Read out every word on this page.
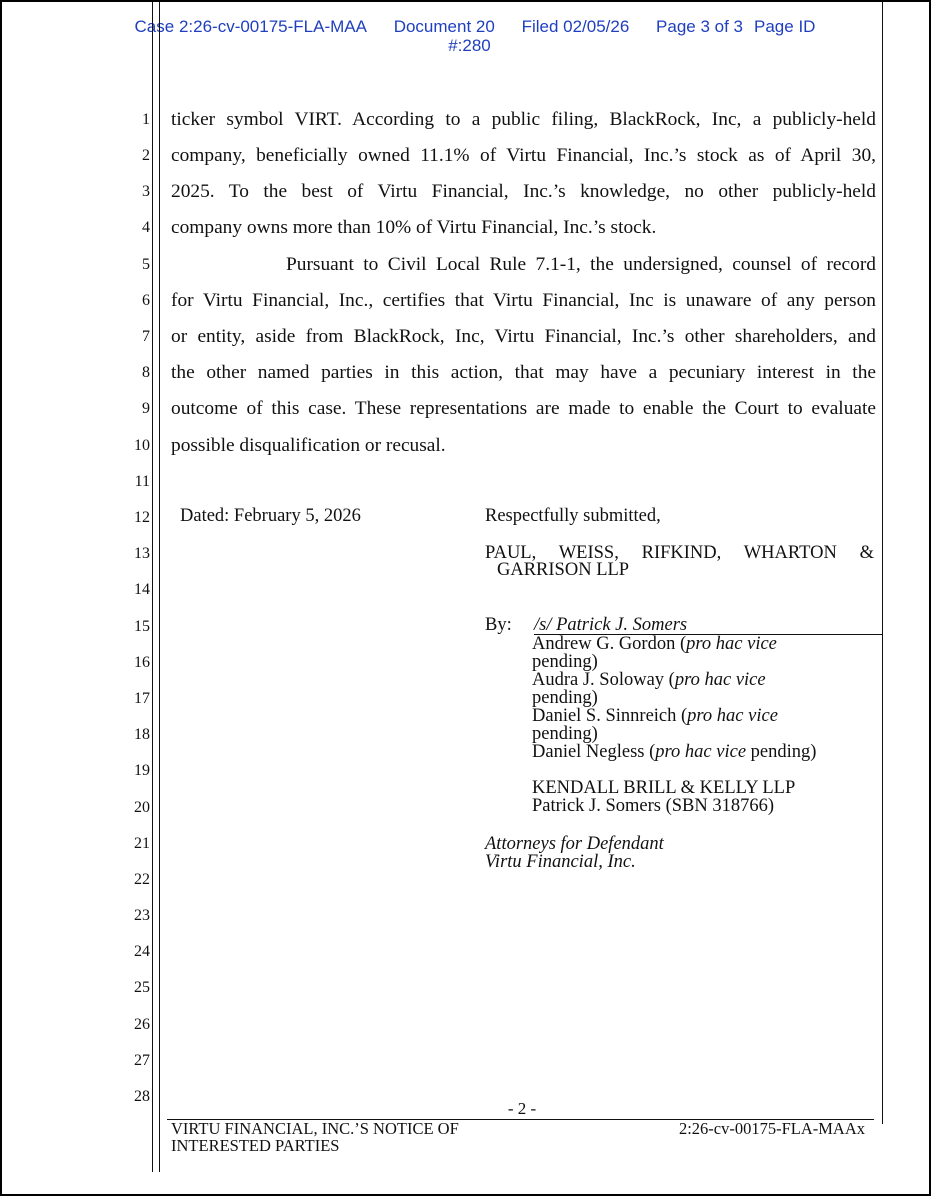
Case 2:26-cv-00175-FLA-MAA Document 20 Filed 02/05/26 Page 3 of 3 Page ID
#:280
1
2
3
4
5
6
7
8
9
10
11
12
13
14
15
16
17
18
19
20
21
22
23
24
25
26
27
28
ticker symbol VIRT. According to a public filing, BlackRock, Inc, a publicly-held
company, beneficially owned 11.1% of Virtu Financial, Inc.’s stock as of April 30,
2025. To the best of Virtu Financial, Inc.’s knowledge, no other publicly-held
company owns more than 10% of Virtu Financial, Inc.’s stock.
Pursuant to Civil Local Rule 7.1-1, the undersigned, counsel of record
for Virtu Financial, Inc., certifies that Virtu Financial, Inc is unaware of any person
or entity, aside from BlackRock, Inc, Virtu Financial, Inc.’s other shareholders, and
the other named parties in this action, that may have a pecuniary interest in the
outcome of this case. These representations are made to enable the Court to evaluate
possible disqualification or recusal.
Dated: February 5, 2026	Respectfully submitted,
PAUL, WEISS, RIFKIND, WHARTON &
GARRISON LLP
By: /s/ Patrick J. Somers
Andrew G. Gordon (pro hac vice
pending)
Audra J. Soloway (pro hac vice
pending)
Daniel S. Sinnreich (pro hac vice
pending)
Daniel Negless (pro hac vice pending)
KENDALL BRILL & KELLY LLP
Patrick J. Somers (SBN 318766)
Attorneys for Defendant
Virtu Financial, Inc.
- 2 -
VIRTU FINANCIAL, INC.’S NOTICE OF
INTERESTED PARTIES
2:26-cv-00175-FLA-MAAx
